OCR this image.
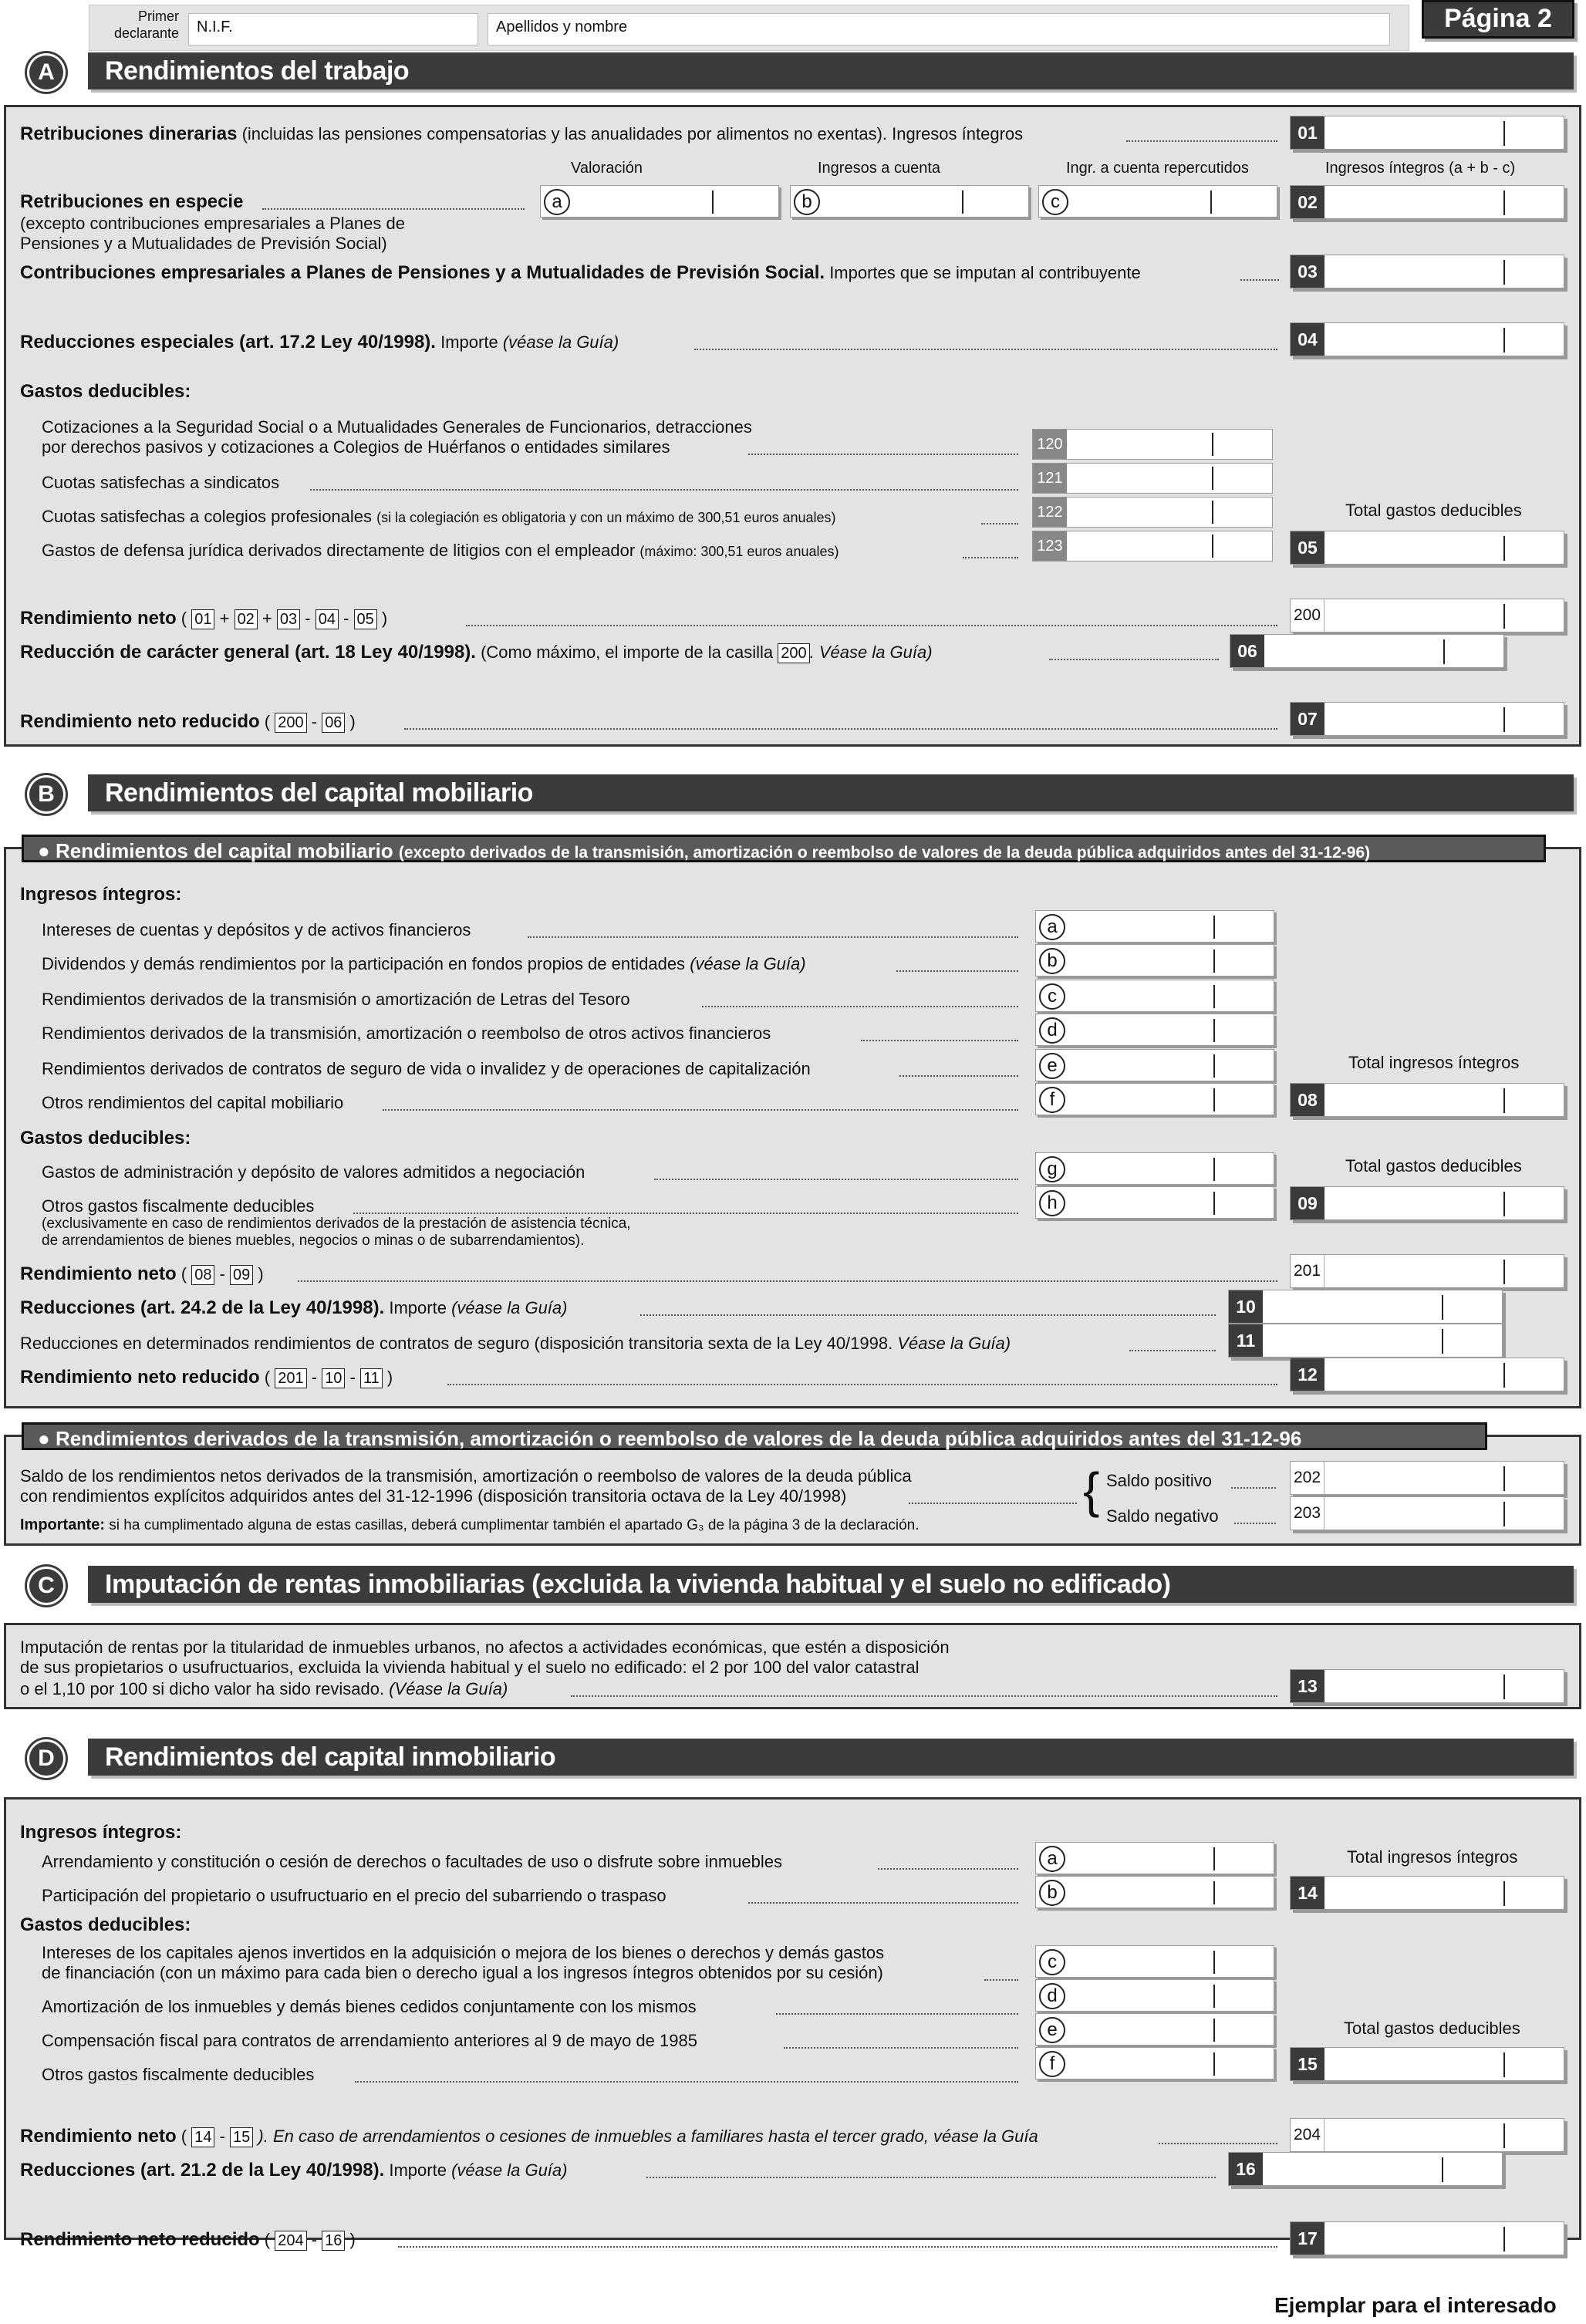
Primer declarante	N.I.F.	Apellidos y nombre	Página 2
A	Rendimientos del trabajo
Retribuciones dinerarias (incluidas las pensiones compensatorias y las anualidades por alimentos no exentas). Ingresos íntegros	01
Valoración	Ingresos a cuenta	Ingr. a cuenta repercutidos	Ingresos íntegros (a + b - c)
Retribuciones en especie
(excepto contribuciones empresariales a Planes de
Pensiones y a Mutualidades de Previsión Social)
a	b	c	02
Contribuciones empresariales a Planes de Pensiones y a Mutualidades de Previsión Social. Importes que se imputan al contribuyente	03
Reducciones especiales (art. 17.2 Ley 40/1998). Importe (véase la Guía)	04
Gastos deducibles:
Cotizaciones a la Seguridad Social o a Mutualidades Generales de Funcionarios, detracciones
por derechos pasivos y cotizaciones a Colegios de Huérfanos o entidades similares	120
Cuotas satisfechas a sindicatos	121
Cuotas satisfechas a colegios profesionales (si la colegiación es obligatoria y con un máximo de 300,51 euros anuales)	122
Gastos de defensa jurídica derivados directamente de litigios con el empleador (máximo: 300,51 euros anuales)	123
Total gastos deducibles
05
Rendimiento neto ( 01 + 02 + 03 - 04 - 05 )	200
Reducción de carácter general (art. 18 Ley 40/1998). (Como máximo, el importe de la casilla 200 . Véase la Guía)	06
Rendimiento neto reducido ( 200 - 06 )	07
B	Rendimientos del capital mobiliario
● Rendimientos del capital mobiliario (excepto derivados de la transmisión, amortización o reembolso de valores de la deuda pública adquiridos antes del 31-12-96)
Ingresos íntegros:
Intereses de cuentas y depósitos y de activos financieros	a
Dividendos y demás rendimientos por la participación en fondos propios de entidades (véase la Guía)	b
Rendimientos derivados de la transmisión o amortización de Letras del Tesoro	c
Rendimientos derivados de la transmisión, amortización o reembolso de otros activos financieros	d
Rendimientos derivados de contratos de seguro de vida o invalidez y de operaciones de capitalización	e	Total ingresos íntegros
Otros rendimientos del capital mobiliario	f	08
Gastos deducibles:
Gastos de administración y depósito de valores admitidos a negociación	g	Total gastos deducibles
Otros gastos fiscalmente deducibles
(exclusivamente en caso de rendimientos derivados de la prestación de asistencia técnica,
de arrendamientos de bienes muebles, negocios o minas o de subarrendamientos).
h	09
Rendimiento neto ( 08 - 09 )	201
Reducciones (art. 24.2 de la Ley 40/1998). Importe (véase la Guía)	10
Reducciones en determinados rendimientos de contratos de seguro (disposición transitoria sexta de la Ley 40/1998. Véase la Guía)	11
Rendimiento neto reducido ( 201 - 10 - 11 )	12
● Rendimientos derivados de la transmisión, amortización o reembolso de valores de la deuda pública adquiridos antes del 31-12-96
Saldo de los rendimientos netos derivados de la transmisión, amortización o reembolso de valores de la deuda pública
con rendimientos explícitos adquiridos antes del 31-12-1996 (disposición transitoria octava de la Ley 40/1998)
Importante: si ha cumplimentado alguna de estas casillas, deberá cumplimentar también el apartado G₃ de la página 3 de la declaración.
{ Saldo positivo
Saldo negativo
202
203
C	Imputación de rentas inmobiliarias (excluida la vivienda habitual y el suelo no edificado)
Imputación de rentas por la titularidad de inmuebles urbanos, no afectos a actividades económicas, que estén a disposición
de sus propietarios o usufructuarios, excluida la vivienda habitual y el suelo no edificado: el 2 por 100 del valor catastral
o el 1,10 por 100 si dicho valor ha sido revisado. (Véase la Guía)	13
D	Rendimientos del capital inmobiliario
Ingresos íntegros:
Arrendamiento y constitución o cesión de derechos o facultades de uso o disfrute sobre inmuebles	a	Total ingresos íntegros
Participación del propietario o usufructuario en el precio del subarriendo o traspaso	b	14
Gastos deducibles:
Intereses de los capitales ajenos invertidos en la adquisición o mejora de los bienes o derechos y demás gastos
de financiación (con un máximo para cada bien o derecho igual a los ingresos íntegros obtenidos por su cesión)
c
Amortización de los inmuebles y demás bienes cedidos conjuntamente con los mismos
d
Compensación fiscal para contratos de arrendamiento anteriores al 9 de mayo de 1985
e	Total gastos deducibles
Otros gastos fiscalmente deducibles
f	15
Rendimiento neto ( 14 - 15 ). En caso de arrendamientos o cesiones de inmuebles a familiares hasta el tercer grado, véase la Guía	204
Reducciones (art. 21.2 de la Ley 40/1998). Importe (véase la Guía)	16
Rendimiento neto reducido ( 204 - 16 )	17
Ejemplar para el interesado
